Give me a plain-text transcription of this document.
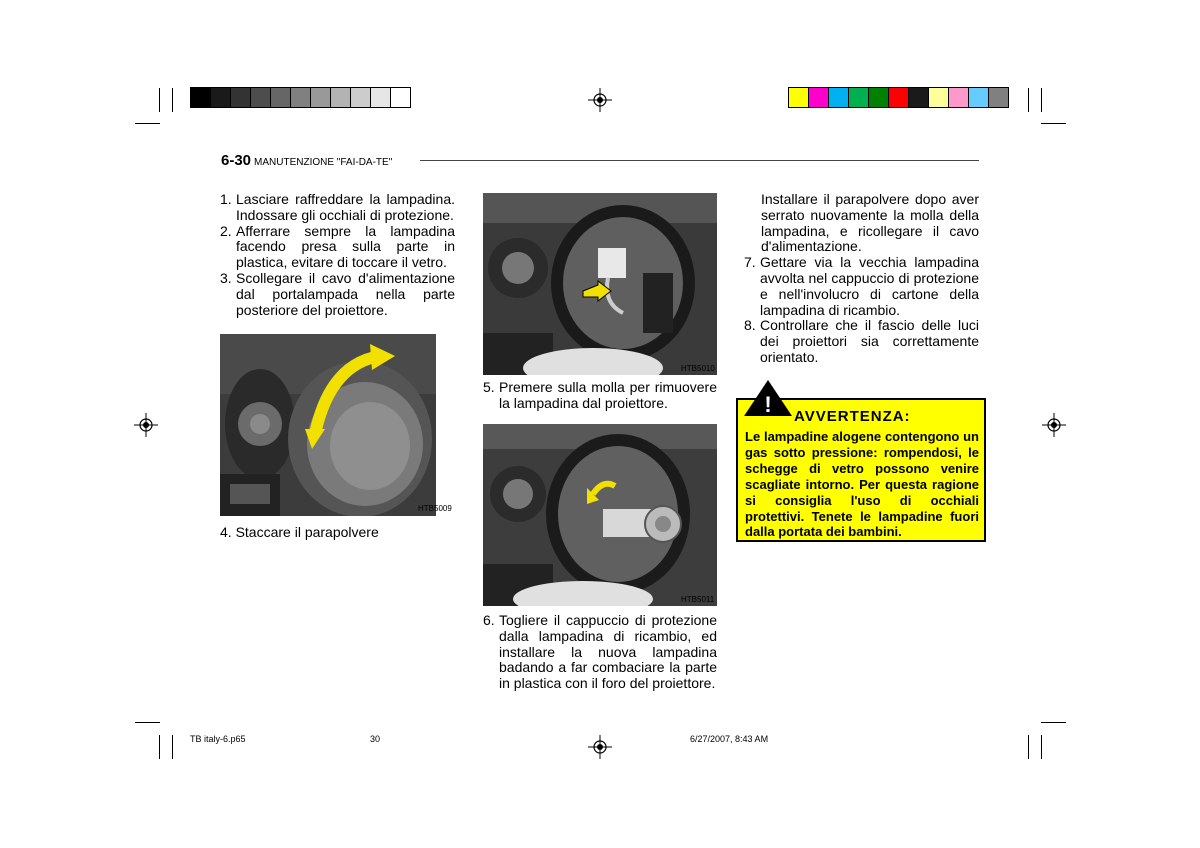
6-30 MANUTENZIONE "FAI-DA-TE"
1. Lasciare raffreddare la lampadina. Indossare gli occhiali di protezione.
2. Afferrare sempre la lampadina facendo presa sulla parte in plastica, evitare di toccare il vetro.
3. Scollegare il cavo d'alimentazione dal portalampada nella parte posteriore del proiettore.
HTB5009
4. Staccare il parapolvere
HTB5010
5. Premere sulla molla per rimuovere la lampadina dal proiettore.
HTB5011
6. Togliere il cappuccio di protezione dalla lampadina di ricambio, ed installare la nuova lampadina badando a far combaciare la parte in plastica con il foro del proiettore.
Installare il parapolvere dopo aver serrato nuovamente la molla della lampadina, e ricollegare il cavo d'alimentazione.
7. Gettare via la vecchia lampadina avvolta nel cappuccio di protezione e nell'involucro di cartone della lampadina di ricambio.
8. Controllare che il fascio delle luci dei proiettori sia correttamente orientato.
AVVERTENZA:
Le lampadine alogene contengono un gas sotto pressione: rompendosi, le schegge di vetro possono venire scagliate intorno. Per questa ragione si consiglia l'uso di occhiali protettivi. Tenete le lampadine fuori dalla portata dei bambini.
!
TB italy-6.p65	30	6/27/2007, 8:43 AM
